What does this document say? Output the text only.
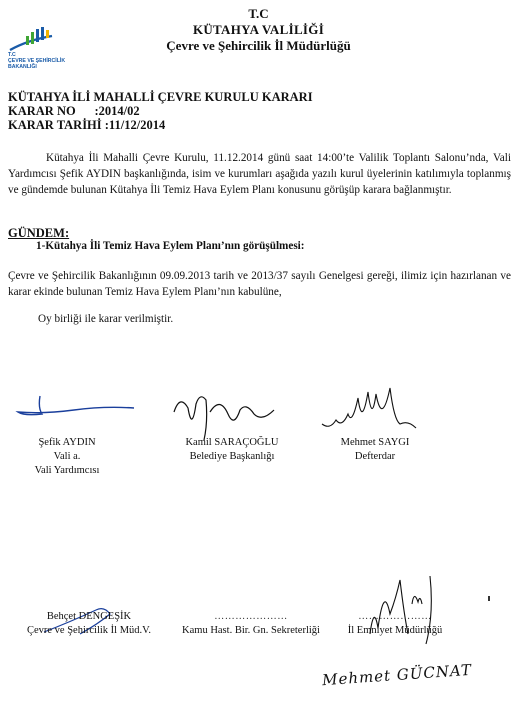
T.C
KÜTAHYA VALİLİĞİ
Çevre ve Şehircilik İl Müdürlüğü
T.C
ÇEVRE VE ŞEHİRCİLİK
BAKANLIĞI
KÜTAHYA İLİ MAHALLİ ÇEVRE KURULU KARARI
KARAR NO      :2014/02
KARAR TARİHİ :11/12/2014
Kütahya İli Mahalli Çevre Kurulu, 11.12.2014 günü saat 14:00’te Valilik Toplantı Salonu’nda, Vali Yardımcısı Şefik AYDIN başkanlığında, isim ve kurumları aşağıda yazılı kurul üyelerinin katılımıyla toplanmış ve gündemde bulunan Kütahya İli Temiz Hava Eylem Planı konusunu görüşüp karara bağlanmıştır.
GÜNDEM:
1-Kütahya İli Temiz Hava Eylem Planı’nın görüşülmesi:
Çevre ve Şehircilik Bakanlığının 09.09.2013 tarih ve 2013/37 sayılı Genelgesi gereği, ilimiz için hazırlanan ve karar ekinde bulunan Temiz Hava Eylem Planı’nın kabulüne,
Oy birliği ile karar verilmiştir.
Şefik AYDIN
Vali a.
Vali Yardımcısı
Kamil SARAÇOĞLU
Belediye Başkanlığı
Mehmet SAYGI
Defterdar
Behçet DENGEŞİK
Çevre ve Şehircilik İl Müd.V.
…………………
Kamu Hast. Bir. Gn. Sekreterliği
…………………
İl Emniyet Müdürlüğü
Mehmet GÜCNAT
